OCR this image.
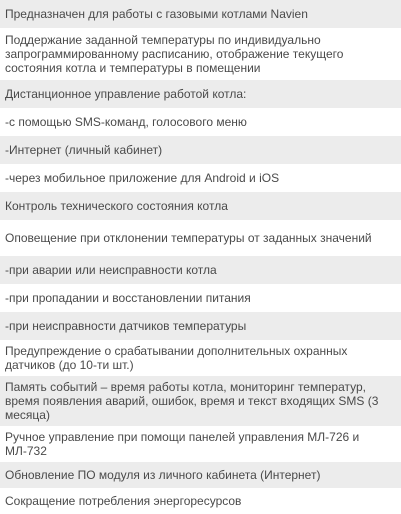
Предназначен для работы с газовыми котлами Navien
Поддержание заданной температуры по индивидуально запрограммированному расписанию, отображение текущего состояния котла и температуры в помещении
Дистанционное управление работой котла:
-с помощью SMS-команд, голосового меню
-Интернет (личный кабинет)
-через мобильное приложение для Android и iOS
Контроль технического состояния котла
Оповещение при отклонении температуры от заданных значений
-при аварии или неисправности котла
-при пропадании и восстановлении питания
-при неисправности датчиков температуры
Предупреждение о срабатывании дополнительных охранных датчиков (до 10-ти шт.)
Память событий – время работы котла, мониторинг температур, время появления аварий, ошибок, время и текст входящих SMS (3 месяца)
Ручное управление при помощи панелей управления МЛ-726 и МЛ-732
Обновление ПО модуля из личного кабинета (Интернет)
Сокращение потребления энергоресурсов
